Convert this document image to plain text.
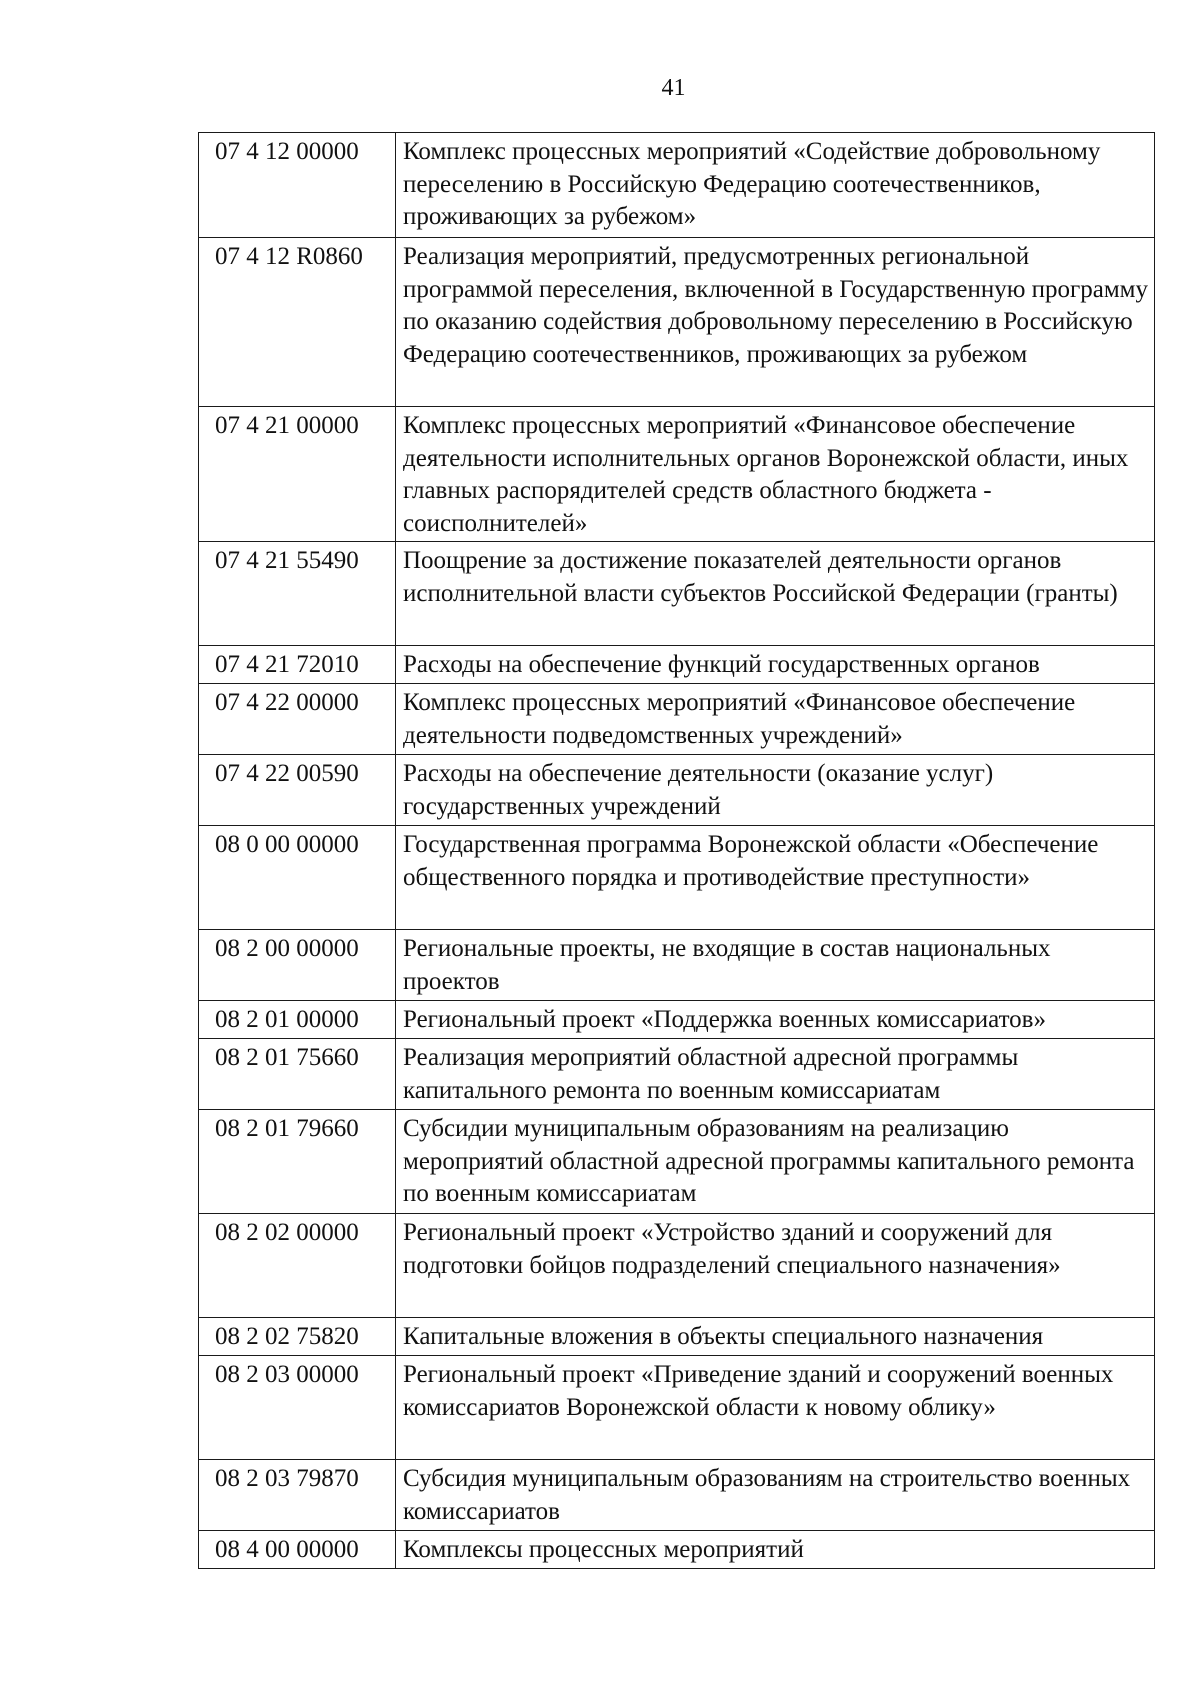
41
07 4 12 00000	Комплекс процессных мероприятий «Содействие добровольному переселению в Российскую Федерацию соотечественников, проживающих за рубежом»
07 4 12 R0860	Реализация мероприятий, предусмотренных региональной программой переселения, включенной в Государственную программу по оказанию содействия добровольному переселению в Российскую Федерацию соотечественников, проживающих за рубежом
07 4 21 00000	Комплекс процессных мероприятий «Финансовое обеспечение деятельности исполнительных органов Воронежской области, иных главных распорядителей средств областного бюджета - соисполнителей»
07 4 21 55490	Поощрение за достижение показателей деятельности органов исполнительной власти субъектов Российской Федерации (гранты)
07 4 21 72010	Расходы на обеспечение функций государственных органов
07 4 22 00000	Комплекс процессных мероприятий «Финансовое обеспечение деятельности подведомственных учреждений»
07 4 22 00590	Расходы на обеспечение деятельности (оказание услуг) государственных учреждений
08 0 00 00000	Государственная программа Воронежской области «Обеспечение общественного порядка и противодействие преступности»
08 2 00 00000	Региональные проекты, не входящие в состав национальных проектов
08 2 01 00000	Региональный проект «Поддержка военных комиссариатов»
08 2 01 75660	Реализация мероприятий областной адресной программы капитального ремонта по военным комиссариатам
08 2 01 79660	Субсидии муниципальным образованиям на реализацию мероприятий областной адресной программы капитального ремонта по военным комиссариатам
08 2 02 00000	Региональный проект «Устройство зданий и сооружений для подготовки бойцов подразделений специального назначения»
08 2 02 75820	Капитальные вложения в объекты специального назначения
08 2 03 00000	Региональный проект «Приведение зданий и сооружений военных комиссариатов Воронежской области к новому облику»
08 2 03 79870	Субсидия муниципальным образованиям на строительство военных комиссариатов
08 4 00 00000	Комплексы процессных мероприятий
